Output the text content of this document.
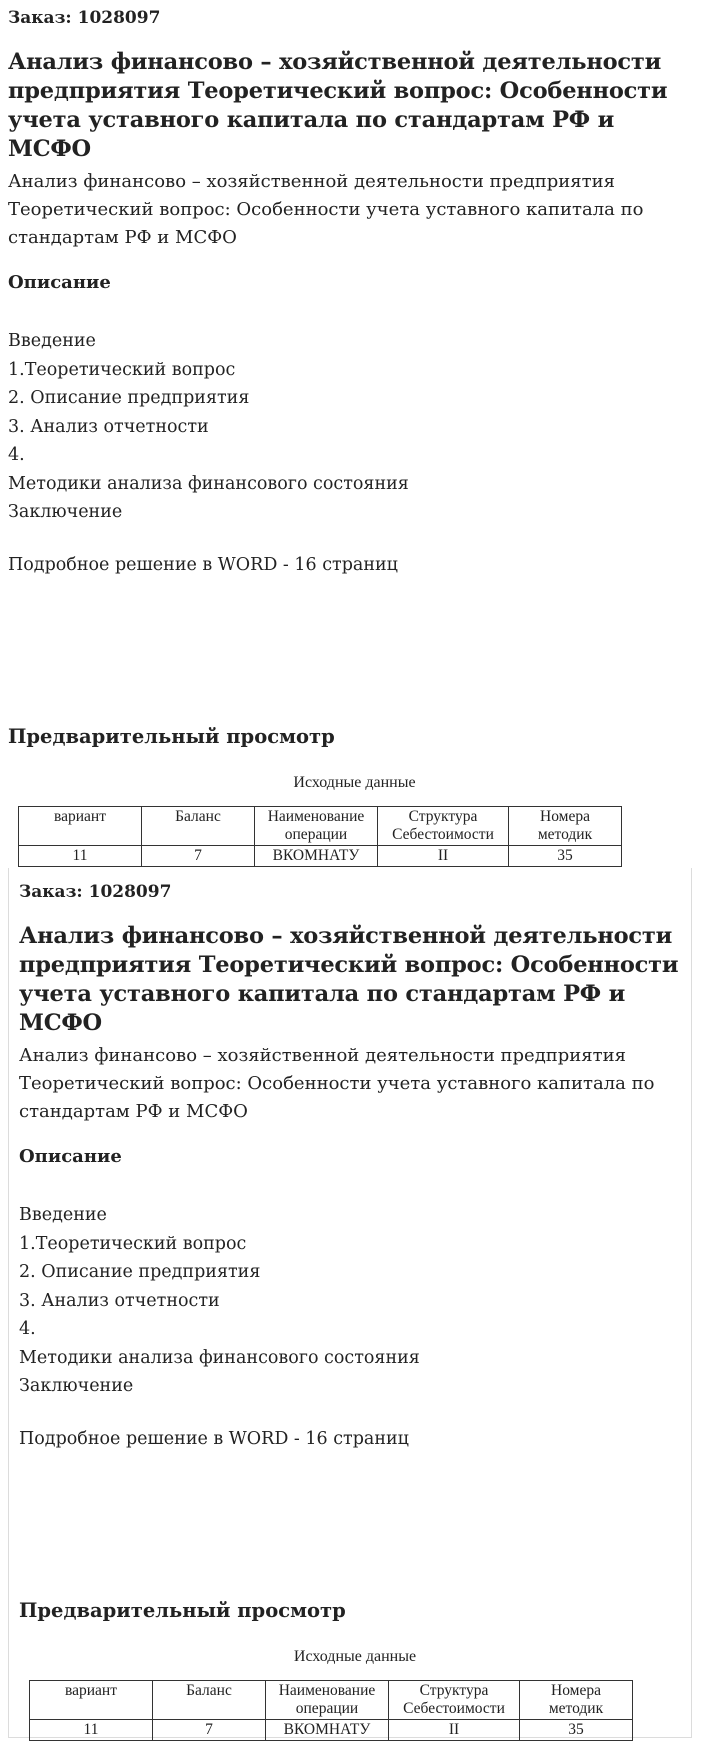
Заказ: 1028097
Анализ финансово – хозяйственной деятельности предприятия Теоретический вопрос: Особенности учета уставного капитала по стандартам РФ и МСФО

Анализ финансово – хозяйственной деятельности предприятия Теоретический вопрос: Особенности учета уставного капитала по стандартам РФ и МСФО

Описание
Введение
1.Теоретический вопрос
2. Описание предприятия
3. Анализ отчетности
4.
Методики анализа финансового состояния
Заключение
Подробное решение в WORD - 16 страниц
Предварительный просмотр
Исходные данные
вариант	Баланс	Наименование операции	Структура Себестоимости	Номера методик
11	7	ВКОМНАТУ	II	35
Заказ: 1028097
Анализ финансово – хозяйственной деятельности предприятия Теоретический вопрос: Особенности учета уставного капитала по стандартам РФ и МСФО

Анализ финансово – хозяйственной деятельности предприятия Теоретический вопрос: Особенности учета уставного капитала по стандартам РФ и МСФО

Описание
Введение
1.Теоретический вопрос
2. Описание предприятия
3. Анализ отчетности
4.
Методики анализа финансового состояния
Заключение
Подробное решение в WORD - 16 страниц
Предварительный просмотр
Исходные данные
вариант	Баланс	Наименование операции	Структура Себестоимости	Номера методик
11	7	ВКОМНАТУ	II	35
